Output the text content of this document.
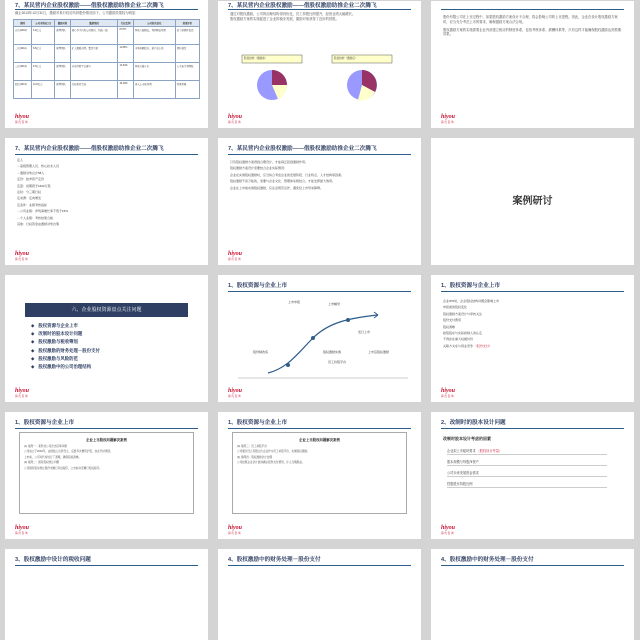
7、某民营内企业股权激励——借股权激励助推企业二次腾飞
截止2013年12月31日，激励对象行权后所持股份情况如下，公司激励效果较为明显：
期间	公司市值(亿元)	激励对象	激励情况	行权比例	公司经营变化	效果评价
首次(2010)	6.2亿元	管理团队	核心骨干认购公司股份，利益一致	8.57%	营收大幅增长，利润增长明显	员工积极性提高
二次(2011)	8.6亿元	管理团队	扩大激励范围，覆盖中层	11.83%	市场份额提升，新产品上线	团队稳定
三次(2012)	9.3亿元	管理团队	全员持股平台建立	13.64%	营收突破十亿	人才流失率降低
四次(2013)	10.8亿元	管理团队	行权条件完成	15.20%	进入上市辅导期	效果显著
hiyou
海 优 咨 询
7、某民营内企业股权激励——借股权激励助推企业二次腾飞

通过对股权激励，公司的治理结构得到优化，员工持股比例提升，经营业绩大幅增长。

股权激励方案的实施促进了企业的稳步发展，激励对象获得了良好的回报。

股权结构（激励前）	股权结构（激励后）
hiyou
海 优 咨 询

股份有限公司在上市过程中，如果股权激励方案设计不合理，将会影响公司的上市进程。因此，企业在设计股权激励方案时，应当充分考虑上市的要求，确保激励方案合法合规。

股权激励方案的实施需要企业内部建立相应的制度体系，包括考核体系、薪酬体系等，只有这样才能确保股权激励达到预期效果。

hiyou
海 优 咨 询
7、某民营内企业股权激励——借股权激励助推企业二次腾飞
定人
－高级管理人员、核心技术人员
－激励对象总计58人
定价：按净资产定价
定量：首期授予1620万股
定时：分三期行权
定来源：定向增发
定条件：业绩考核指标
－公司业绩：净利润增长率不低于15%
－个人业绩：考核结果合格
其他：行权资金由激励对象自筹
hiyou
海 优 咨 询
7、某民营内企业股权激励——借股权激励助推企业二次腾飞
只有股权激励方案得到合理设计，才能真正起到激励作用。
股权激励方案设计需要结合企业实际情况：
企业在实施股权激励时，应当综合考虑企业的发展阶段、行业特点、人才结构等因素。
股权激励不是万能的，需要与企业文化、管理体系相结合，才能发挥最大效用。
企业在上市前实施股权激励，应注意规范运作，避免给上市带来障碍。
hiyou
海 优 咨 询
案例研讨
六、企业股权资源盘点关注问题
◆ 股权资源与企业上市
◆ 改制时的股本设计问题
◆ 股权激励与税收筹划
◆ 股权激励的财务处理－股份支付
◆ 股权激励与风险防范
◆ 股权激励中的公司治理结构
hiyou
海 优 咨 询
1、股权资源与企业上市
股份制改造
上市申报	上市辅导
发行上市
股权激励实施
员工持股平台
上市后股权激励
hiyou
海 优 咨 询
1、股权资源与企业上市
企业IPO时，企业股权结构问题会影响上市
申报前的股权变化
股权激励方案设计与审核关注
股份支付费用
股权清晰
控股股东与实际控制人的认定
不得存在重大权属纠纷
关联方关系与同业竞争 （股份支付）
hiyou
海 优 咨 询
1、股权资源与企业上市
企业上市股权问题解决案例

(1) 案例一：某科技公司历史沿革问题

公司成立于2004年，由创始人出资设立，后经多次增资扩股，存在代持情况。

上市前，公司对代持进行了清理，确保股权清晰。

(2) 案例二：国有股权转让问题

公司国有股东转让股份未履行评估程序，上市前补充履行相关程序。

hiyou
海 优 咨 询
1、股权资源与企业上市
企业上市股权问题解决案例

(3) 案例三：员工持股平台

公司通过设立有限合伙企业作为员工持股平台，实施股权激励。

(4) 案例四：股权激励会计处理

公司按照企业会计准则确认股份支付费用，计入当期损益。

hiyou
海 优 咨 询
2、改制时的股本设计问题
改制时股本设计考虑的因素
企业拟上市板块要求 （股权设计考量）
股本规模与每股净资产
公司未来发展资金需求
控股股东持股比例
hiyou
海 优 咨 询
3、股权激励中设计的税收问题	4、股权激励中的财务处理－股份支付	4、股权激励中的财务处理－股份支付
